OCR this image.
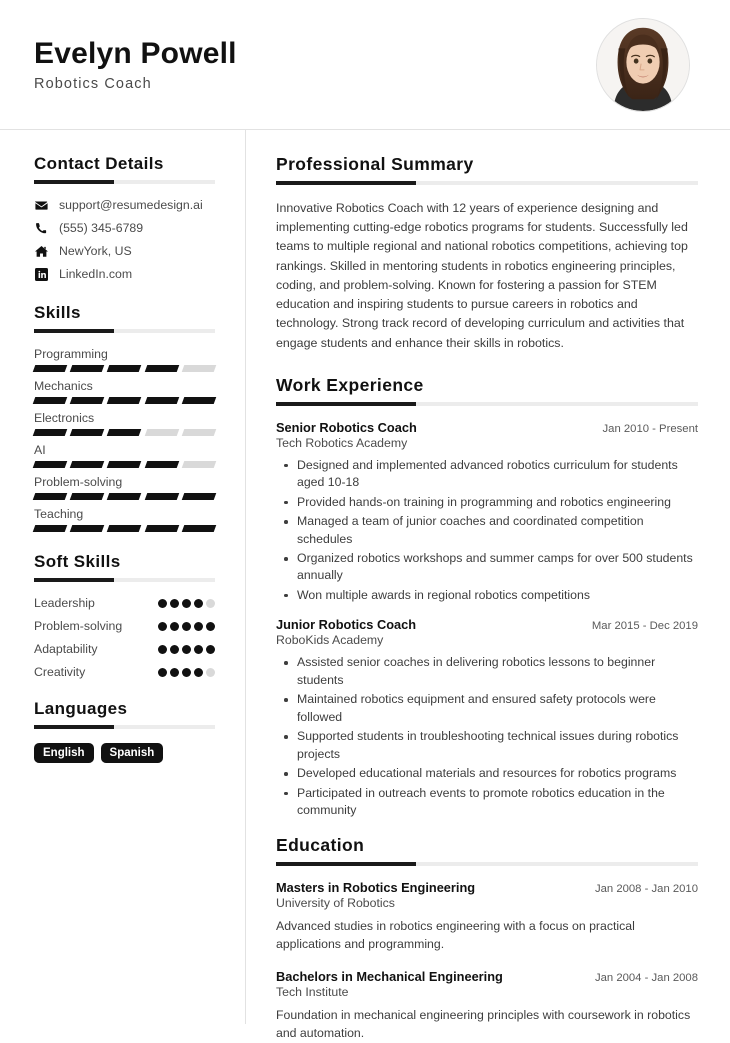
Evelyn Powell
Robotics Coach
Contact Details
support@resumedesign.ai
(555) 345-6789
NewYork, US
LinkedIn.com
Skills
Programming
Mechanics
Electronics
AI
Problem-solving
Teaching
Soft Skills
Leadership
Problem-solving
Adaptability
Creativity
Languages
English	Spanish
Professional Summary
Innovative Robotics Coach with 12 years of experience designing and implementing cutting-edge robotics programs for students. Successfully led teams to multiple regional and national robotics competitions, achieving top rankings. Skilled in mentoring students in robotics engineering principles, coding, and problem-solving. Known for fostering a passion for STEM education and inspiring students to pursue careers in robotics and technology. Strong track record of developing curriculum and activities that engage students and enhance their skills in robotics.
Work Experience
Senior Robotics Coach	Jan 2010 - Present
Tech Robotics Academy
Designed and implemented advanced robotics curriculum for students aged 10-18
Provided hands-on training in programming and robotics engineering
Managed a team of junior coaches and coordinated competition schedules
Organized robotics workshops and summer camps for over 500 students annually
Won multiple awards in regional robotics competitions
Junior Robotics Coach	Mar 2015 - Dec 2019
RoboKids Academy
Assisted senior coaches in delivering robotics lessons to beginner students
Maintained robotics equipment and ensured safety protocols were followed
Supported students in troubleshooting technical issues during robotics projects
Developed educational materials and resources for robotics programs
Participated in outreach events to promote robotics education in the community
Education
Masters in Robotics Engineering	Jan 2008 - Jan 2010
University of Robotics
Advanced studies in robotics engineering with a focus on practical applications and programming.
Bachelors in Mechanical Engineering	Jan 2004 - Jan 2008
Tech Institute
Foundation in mechanical engineering principles with coursework in robotics and automation.
